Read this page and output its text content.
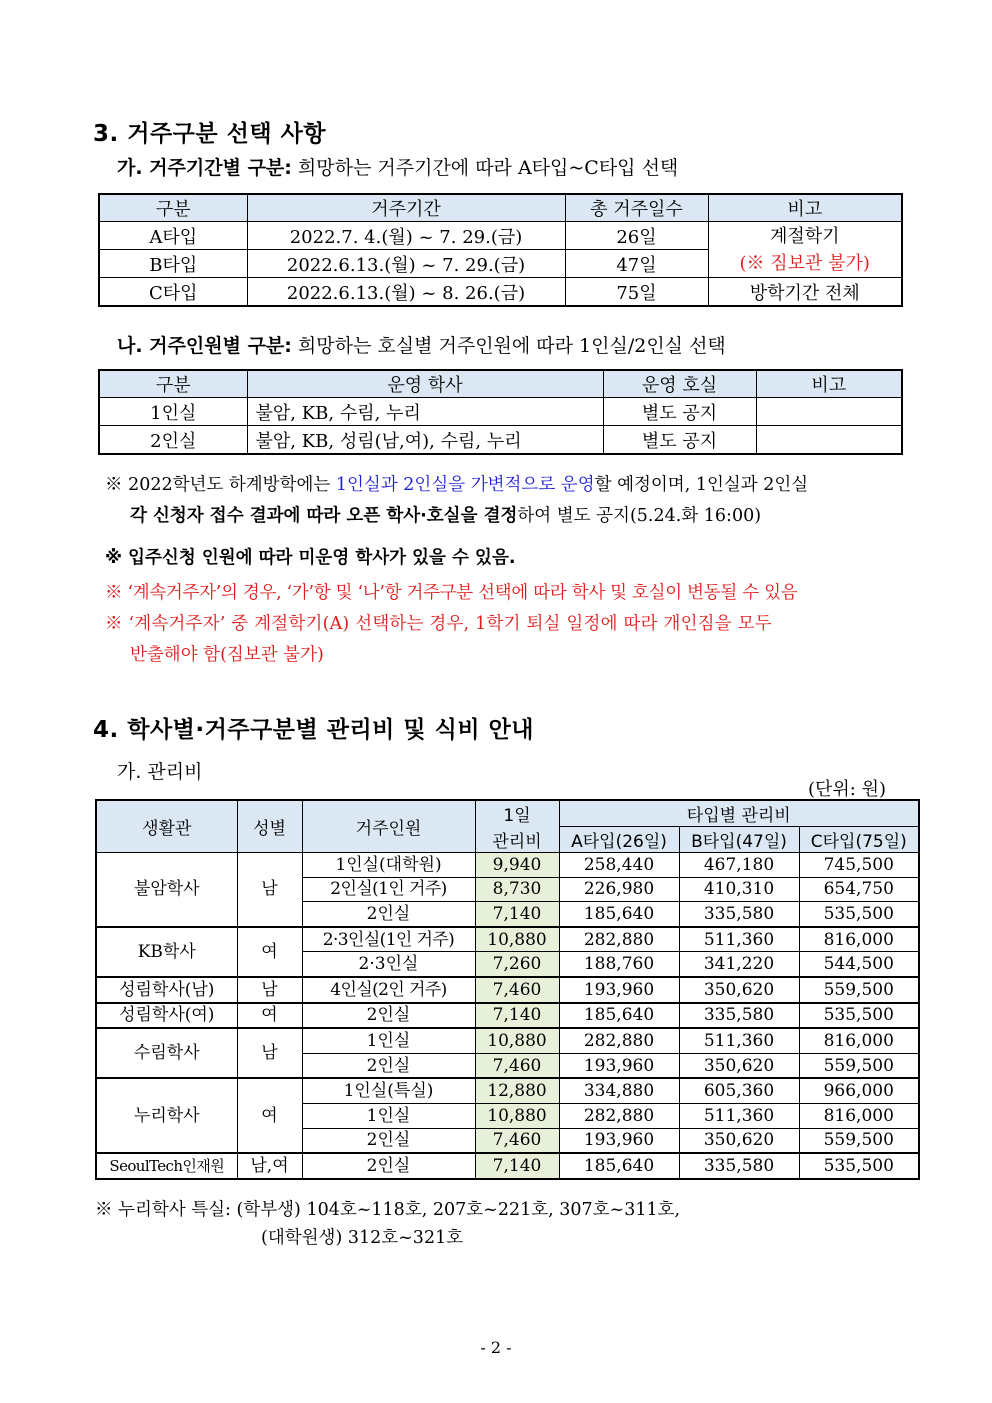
3. 거주구분 선택 사항
가. 거주기간별 구분: 희망하는 거주기간에 따라 A타입~C타입 선택
구분	거주기간	총 거주일수	비고
A타입	2022.7. 4.(월) ~ 7. 29.(금)	26일	계절학기
(※ 짐보관 불가)

B타입	2022.6.13.(월) ~ 7. 29.(금)	47일	
C타입	2022.6.13.(월) ~ 8. 26.(금)	75일	방학기간 전체
나. 거주인원별 구분: 희망하는 호실별 거주인원에 따라 1인실/2인실 선택
구분	운영 학사	운영 호실	비고
1인실	불암, KB, 수림, 누리	별도 공지	
2인실	불암, KB, 성림(남,여), 수림, 누리	별도 공지	
※ 2022학년도 하계방학에는 1인실과 2인실을 가변적으로 운영할 예정이며, 1인실과 2인실
각 신청자 접수 결과에 따라 오픈 학사·호실을 결정하여 별도 공지(5.24.화 16:00)
※ 입주신청 인원에 따라 미운영 학사가 있을 수 있음.
※ ‘계속거주자’의 경우, ‘가’항 및 ‘나’항 거주구분 선택에 따라 학사 및 호실이 변동될 수 있음
※ ‘계속거주자’ 중 계절학기(A) 선택하는 경우, 1학기 퇴실 일정에 따라 개인짐을 모두
반출해야 함(짐보관 불가)
4. 학사별·거주구분별 관리비 및 식비 안내
가. 관리비
(단위: 원)
생활관	성별	거주인원	1일	타입별 관리비		
			관리비	A타입(26일)	B타입(47일)	C타입(75일)
불암학사	남	1인실(대학원)	9,940	258,440	467,180	745,500
		2인실(1인 거주)	8,730	226,980	410,310	654,750
		2인실	7,140	185,640	335,580	535,500
KB학사	여	2·3인실(1인 거주)	10,880	282,880	511,360	816,000
		2·3인실	7,260	188,760	341,220	544,500
성림학사(남)	남	4인실(2인 거주)	7,460	193,960	350,620	559,500
성림학사(여)	여	2인실	7,140	185,640	335,580	535,500
수림학사	남	1인실	10,880	282,880	511,360	816,000
		2인실	7,460	193,960	350,620	559,500
누리학사	여	1인실(특실)	12,880	334,880	605,360	966,000
		1인실	10,880	282,880	511,360	816,000
		2인실	7,460	193,960	350,620	559,500
SeoulTech인재원	남,여	2인실	7,140	185,640	335,580	535,500
※ 누리학사 특실: (학부생) 104호~118호, 207호~221호, 307호~311호,
(대학원생) 312호~321호
- 2 -
